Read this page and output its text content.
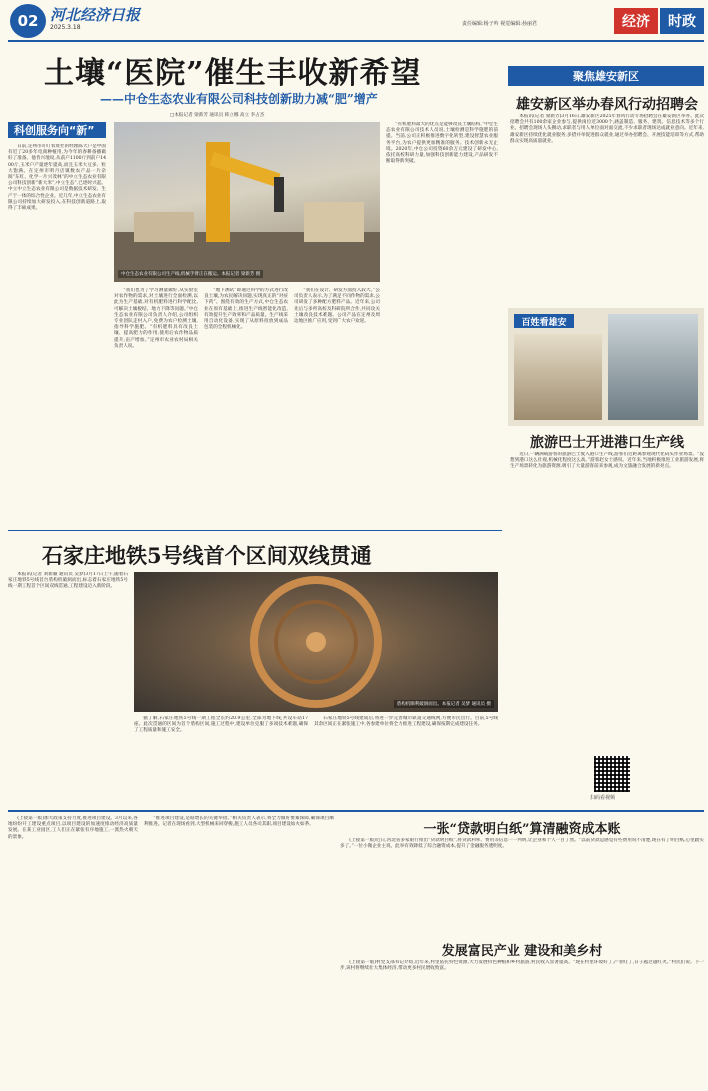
02 河北经济日报
2025.3.18	责任编辑:杨子吟 视觉编辑:孙丽君	经济	时政
土壤“医院”催生丰收新希望
——中仓生态农业有限公司科技创新助力减“肥”增产
□本报记者 梁新芳 通讯员 韩立娜 高立 李占杰
科创服务向“新”
中仓生态农业有限公司生产线,机械手臂正在搬运。本报记者 梁新芳 摄

日前,定州市叮叮农资社的经理陈大户是中国有近了20多年电商种植用,为今年的春耕备播做好了准备。他肯兴地说,从前户1100斤到前户1400斤,玉米户产量逐年提高,而且玉米大豆多、粒大饱满。在定州市明月店镇数农产品一片杂阅“东红、化学一片兴茂林”的中立生态农业有限公司科技创新“新大米”,中立生态”,已逐时兴起。中立中立生态农业有限公司是数据技术研发、生产于一体的综合性企业。近几年,中立生态农业有限公司持续加大研发投入,在科技创新道路上,取得了丰硕成果。

“我们也为了学习测量做好,从实验室对农作物的需求,对土壤进行全面检测,以此为生产基础,对有机肥料进行科学配比,可解决土壤板结、地力下降等问题。”中仓生态农业有限公司负责人介绍,公司组织专业团队走村入户,免费为农户检测土壤,指导科学施肥。“有机肥料具有改良土壤、提高肥力的作用,使用后农作物品质提升,亩产增加。”定州市农业农村局相关负责人说。

“地下测试”即通过科学的方式进行改良土壤,为农民解决问题,实现真正的“对症下药”。围绕有效的生产方式,中仓生态农业在原有基础上,推进生产线智能化改造,有效提升生产效率和产品质量。生产线采用自动化设备,实现了从原料投放到成品包装的全程机械化。

“我们在设计、研发方面投入较大。”公司负责人表示,为了满足不同作物的需求,公司研发了多种配方肥料产品。近年来,公司先后与多所高校及科研院所合作,共同攻关土壤改良技术难题。公司产品在定州及周边地区推广应用,受到广大农户欢迎。

“有机肥料最大的优点是能够改良土壤结构,”中仓生态农业有限公司技术人员说,土壤检测是科学施肥的前提。当前,公司正积极推进数字化转型,建设智慧农业服务平台,为农户提供更加精准的服务。技术创新永无止境。2020年,中仓公司投资60余万元建设了研发中心,依托高校科研力量,加强科技创新能力建设,产品研发不断取得新突破。

聚焦雄安新区
雄安新区举办春风行动招聘会

本报讯(记者 梁新芳)3月16日,雄安新区2025年春风行动专场招聘会在雄安新区举办。此次招聘会共有100余家企业参与,提供岗位近3000个,涵盖制造、服务、建筑、信息技术等多个行业。招聘会现场人头攒动,求职者与用人单位面对面交流,不少求职者现场达成就业意向。近年来,雄安新区持续优化就业服务,多措并举促进群众就业,通过举办招聘会、开展技能培训等方式,帮助群众实现高质量就业。

百姓看雄安
旅游巴士开进港口生产线

近日,一辆满载游客的旅游巴士驶入港口生产线,游客们近距离参观现代化码头作业场景。“没想到港口这么壮观,机械化程度这么高。”游客赵女士感叹。近年来,当地积极推进工业旅游发展,将生产场景转化为旅游资源,吸引了大量游客前来参观,成为文旅融合发展的新亮点。

扫码看视频
石家庄地铁5号线首个区间双线贯通

本报讯(记者 刘新颖 通讯员 吴梦)3月17日上午,随着石家庄地铁5号线首台盾构机破洞而出,标志着石家庄地铁5号线一期工程首个区间双线贯通,工程建设迈入新阶段。

盾构机顺利破洞而出。本报记者 吴梦 通讯员 摄

据了解,石家庄地铁5号线一期工程全长约20.9公里,全部为地下线,共设车站17座。此次贯通的区间为首个盾构区间,施工过程中,建设单位克服了多项技术难题,确保了工程质量和施工安全。

石家庄地铁5号线建成后,将进一步完善城市轨道交通线网,方便市民出行。目前,5号线其余区间正在紧张施工中,各参建单位将全力推进工程建设,确保按期完成建设任务。

(上接第一版)加大政策支持力度,推进项目建设。3月以来,各地纷纷开工建设重点项目,以项目建设的加速度推动经济高质量发展。在某工业园区,工人们正在紧张有序地施工,一派热火朝天的景象。

“推进项目建设,是稳增长的关键举措。”相关负责人表示,将全力做好要素保障,确保项目顺利推进。记者在现场看到,大型机械来回穿梭,施工人员各司其职,项目建设如火如荼。	一张“贷款明白纸”算清融资成本账

(上接第一版)近日,河北省多家银行推出“贷款明白纸”,将贷款利率、费用等信息一一列明,让企业和个人一目了然。“以前贷款总感觉有些费用说不清楚,现在有了明白纸,心里踏实多了。”一位小微企业主说。此举有效降低了综合融资成本,提升了金融服务透明度。

发展富民产业 建设和美乡村

(上接第一版)村党支部书记介绍,近年来,村里依托特色资源,大力发展特色种植和乡村旅游,村民收入显著提高。“现在村里环境好了,产业旺了,日子越过越红火。”村民们说。下一步,该村将继续壮大集体经济,带动更多村民增收致富。
